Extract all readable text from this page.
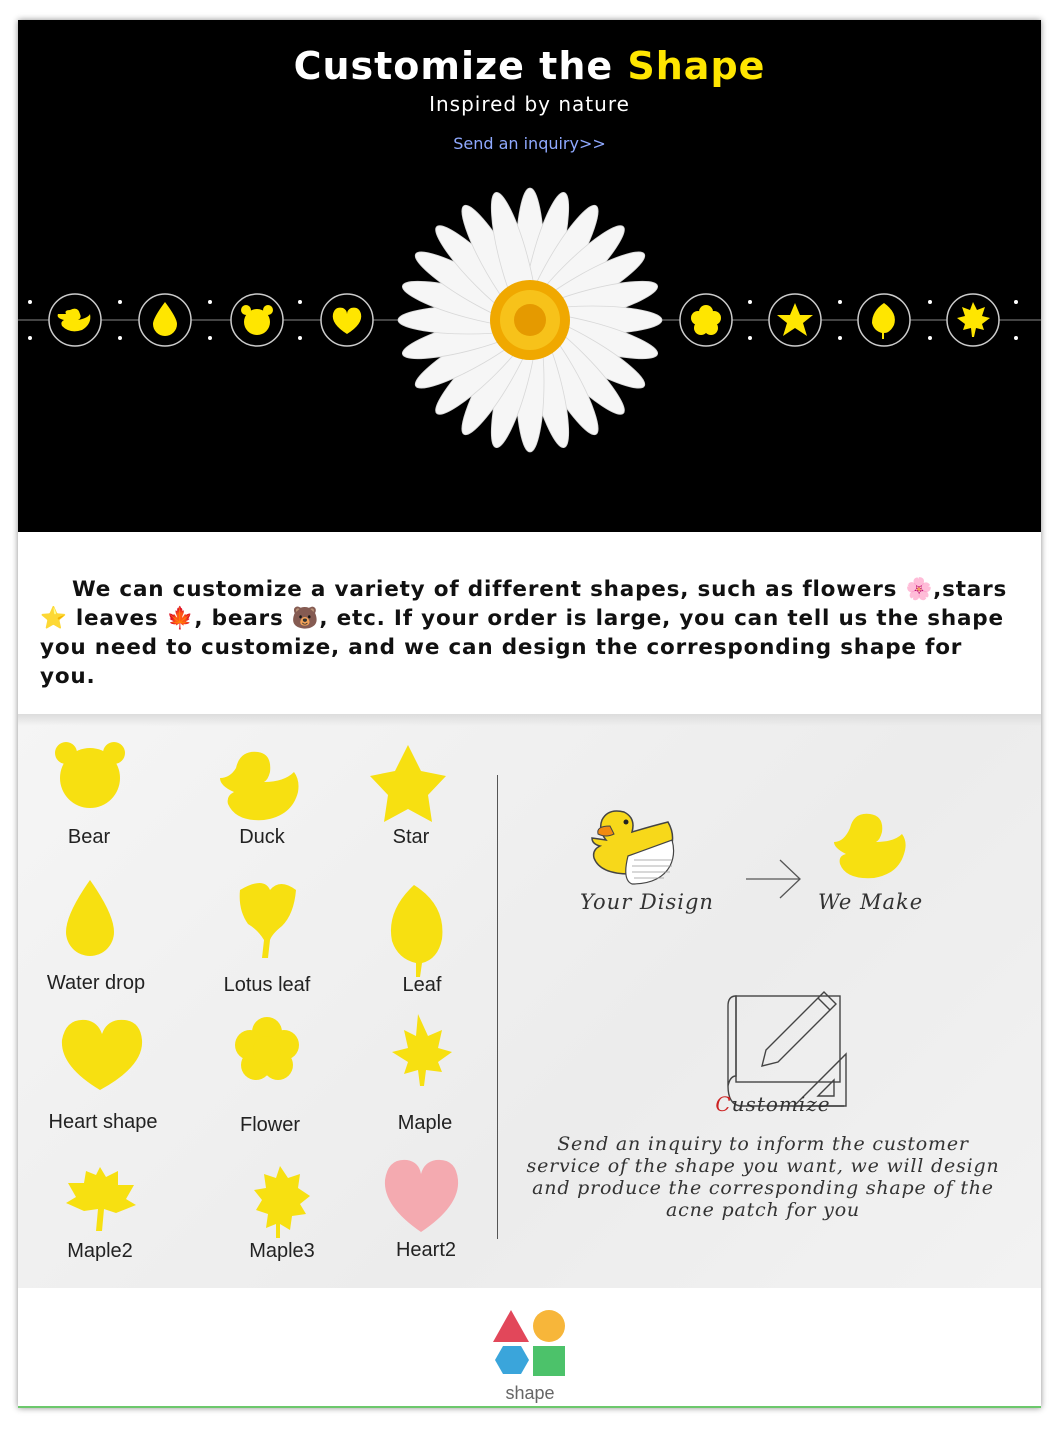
Customize the Shape
Inspired by nature
Send an inquiry>>
We can customize a variety of different shapes, such as flowers 🌸,stars ⭐ leaves 🍁, bears 🐻, etc. If your order is large, you can tell us the shape you need to customize, and we can design the corresponding shape for you.
Bear	Duck	Star
Water drop	Lotus leaf	Leaf
Heart shape	Flower	Maple
Maple2	Maple3	Heart2
Your Disign	We Make
Customize
Send an inquiry to inform the customer service of the shape you want, we will design and produce the corresponding shape of the acne patch for you
shape
